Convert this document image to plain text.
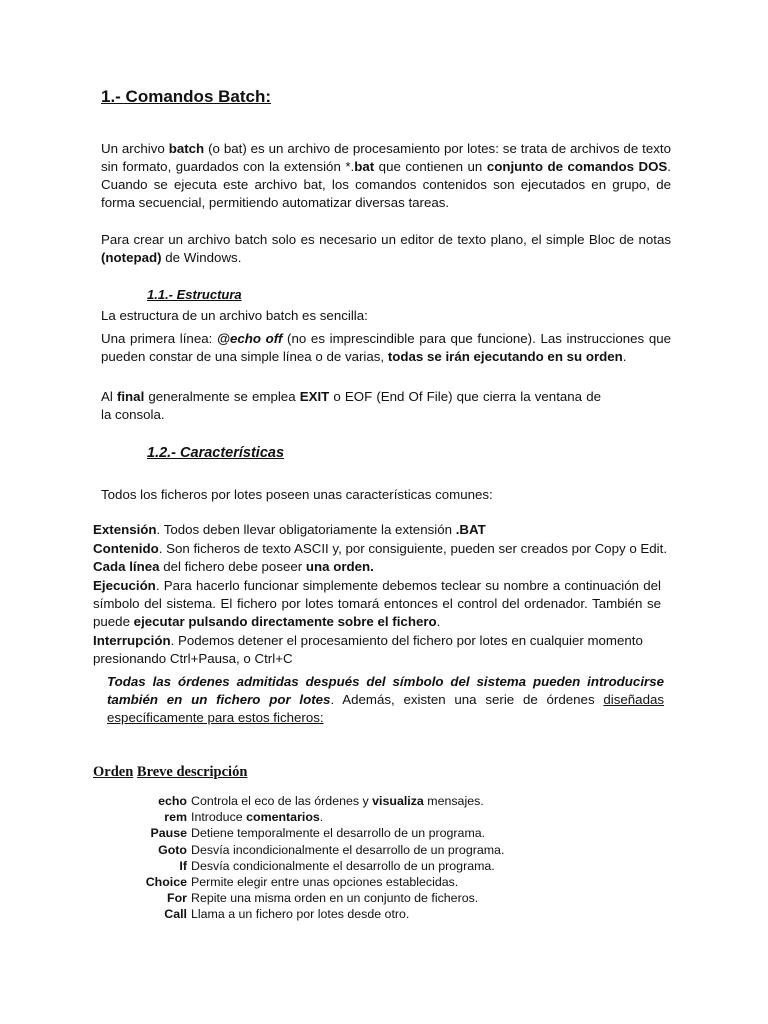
1.- Comandos Batch:
Un archivo batch (o bat) es un archivo de procesamiento por lotes: se trata de archivos de texto sin formato, guardados con la extensión *.bat que contienen un conjunto de comandos DOS. Cuando se ejecuta este archivo bat, los comandos contenidos son ejecutados en grupo, de forma secuencial, permitiendo automatizar diversas tareas.
Para crear un archivo batch solo es necesario un editor de texto plano, el simple Bloc de notas (notepad) de Windows.
1.1.- Estructura
La estructura de un archivo batch es sencilla:
Una primera línea: @echo off (no es imprescindible para que funcione). Las instrucciones que pueden constar de una simple línea o de varias, todas se irán ejecutando en su orden.
Al final generalmente se emplea EXIT o EOF (End Of File) que cierra la ventana de la consola.
1.2.- Características
Todos los ficheros por lotes poseen unas características comunes:
Extensión. Todos deben llevar obligatoriamente la extensión .BAT
Contenido. Son ficheros de texto ASCII y, por consiguiente, pueden ser creados por Copy o Edit. Cada línea del fichero debe poseer una orden.
Ejecución. Para hacerlo funcionar simplemente debemos teclear su nombre a continuación del símbolo del sistema. El fichero por lotes tomará entonces el control del ordenador. También se puede ejecutar pulsando directamente sobre el fichero.
Interrupción. Podemos detener el procesamiento del fichero por lotes en cualquier momento presionando Ctrl+Pausa, o Ctrl+C
Todas las órdenes admitidas después del símbolo del sistema pueden introducirse también en un fichero por lotes. Además, existen una serie de órdenes diseñadas específicamente para estos ficheros:
Orden Breve descripción
echo	Controla el eco de las órdenes y visualiza mensajes.
rem	Introduce comentarios.
Pause	Detiene temporalmente el desarrollo de un programa.
Goto	Desvía incondicionalmente el desarrollo de un programa.
If	Desvía condicionalmente el desarrollo de un programa.
Choice	Permite elegir entre unas opciones establecidas.
For	Repite una misma orden en un conjunto de ficheros.
Call	Llama a un fichero por lotes desde otro.
